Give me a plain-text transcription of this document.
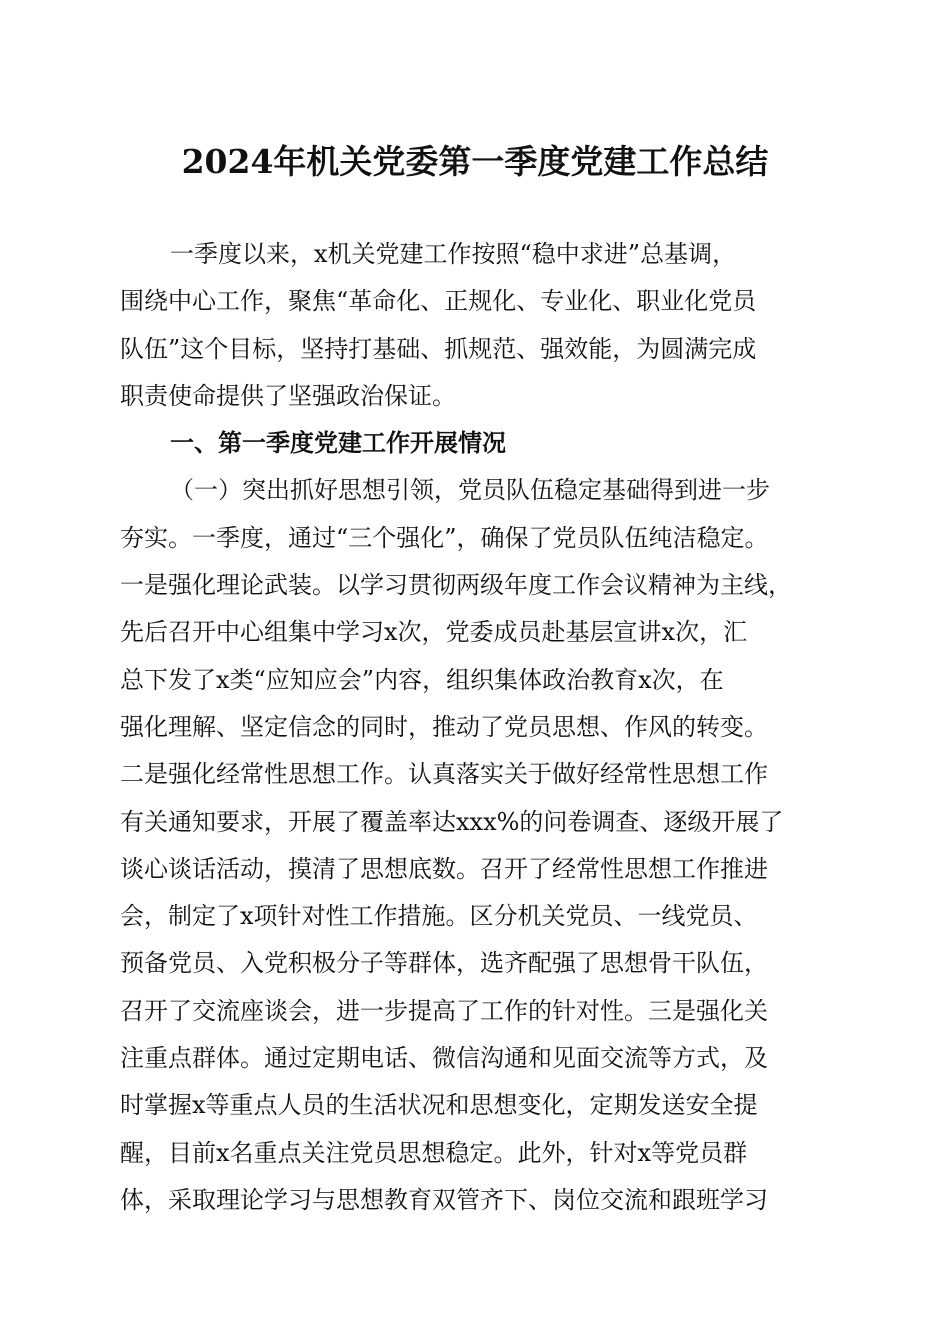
2024年机关党委第一季度党建工作总结
一季度以来，x机关党建工作按照“稳中求进”总基调，
围绕中心工作，聚焦“革命化、正规化、专业化、职业化党员
队伍”这个目标，坚持打基础、抓规范、强效能，为圆满完成
职责使命提供了坚强政治保证。
一、第一季度党建工作开展情况
（一）突出抓好思想引领，党员队伍稳定基础得到进一步
夯实。一季度，通过“三个强化”，确保了党员队伍纯洁稳定。
一是强化理论武装。以学习贯彻两级年度工作会议精神为主线，
先后召开中心组集中学习x次，党委成员赴基层宣讲x次，汇
总下发了x类“应知应会”内容，组织集体政治教育x次，在
强化理解、坚定信念的同时，推动了党员思想、作风的转变。
二是强化经常性思想工作。认真落实关于做好经常性思想工作
有关通知要求，开展了覆盖率达xxx%的问卷调查、逐级开展了
谈心谈话活动，摸清了思想底数。召开了经常性思想工作推进
会，制定了x项针对性工作措施。区分机关党员、一线党员、
预备党员、入党积极分子等群体，选齐配强了思想骨干队伍，
召开了交流座谈会，进一步提高了工作的针对性。三是强化关
注重点群体。通过定期电话、微信沟通和见面交流等方式，及
时掌握x等重点人员的生活状况和思想变化，定期发送安全提
醒，目前x名重点关注党员思想稳定。此外，针对x等党员群
体，采取理论学习与思想教育双管齐下、岗位交流和跟班学习
